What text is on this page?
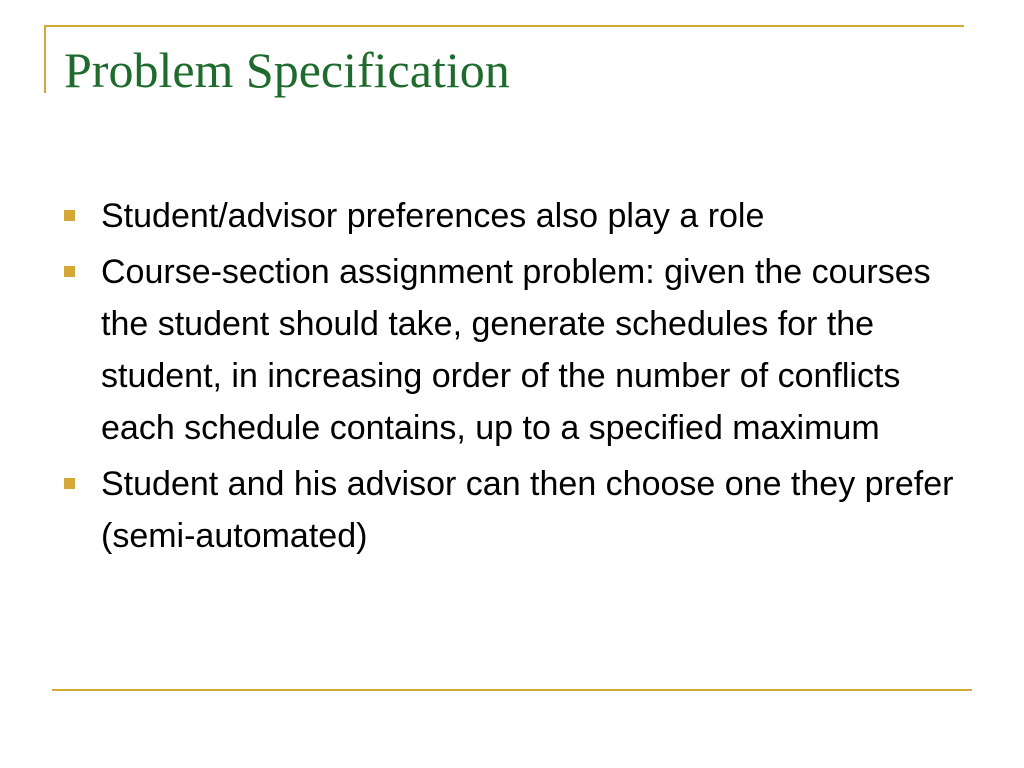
Problem Specification
Student/advisor preferences also play a role
Course-section assignment problem: given the courses the student should take, generate schedules for the student, in increasing order of the number of conflicts each schedule contains, up to a specified maximum
Student and his advisor can then choose one they prefer (semi-automated)
